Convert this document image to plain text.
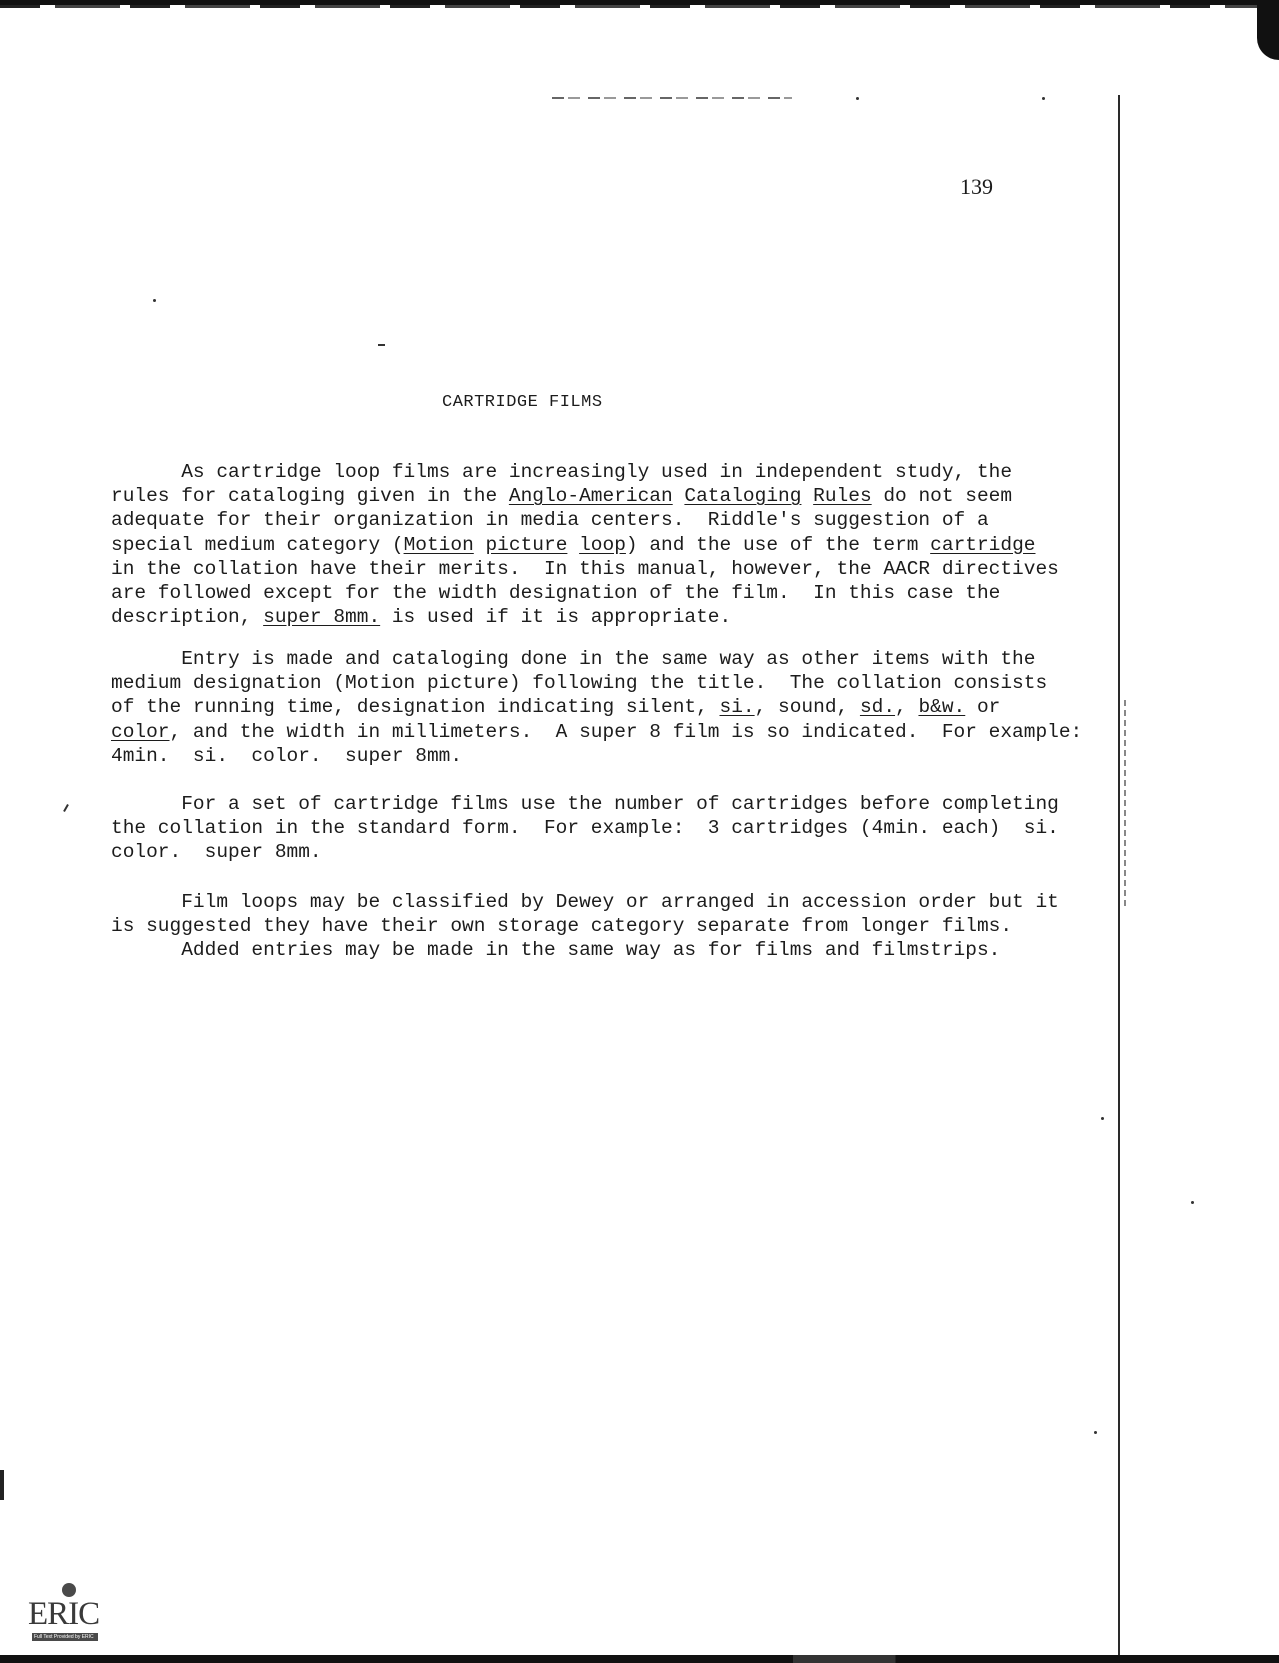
139
CARTRIDGE FILMS
As cartridge loop films are increasingly used in independent study, the
rules for cataloging given in the Anglo-American Cataloging Rules do not seem
adequate for their organization in media centers.  Riddle's suggestion of a
special medium category (Motion picture loop) and the use of the term cartridge
in the collation have their merits.  In this manual, however, the AACR directives
are followed except for the width designation of the film.  In this case the
description, super 8mm. is used if it is appropriate.
Entry is made and cataloging done in the same way as other items with the
medium designation (Motion picture) following the title.  The collation consists
of the running time, designation indicating silent, si., sound, sd., b&w. or
color, and the width in millimeters.  A super 8 film is so indicated.  For example:
4min.  si.  color.  super 8mm.
For a set of cartridge films use the number of cartridges before completing
the collation in the standard form.  For example:  3 cartridges (4min. each)  si.
color.  super 8mm.
Film loops may be classified by Dewey or arranged in accession order but it
is suggested they have their own storage category separate from longer films.
Added entries may be made in the same way as for films and filmstrips.
ERIC
Full Text Provided by ERIC
